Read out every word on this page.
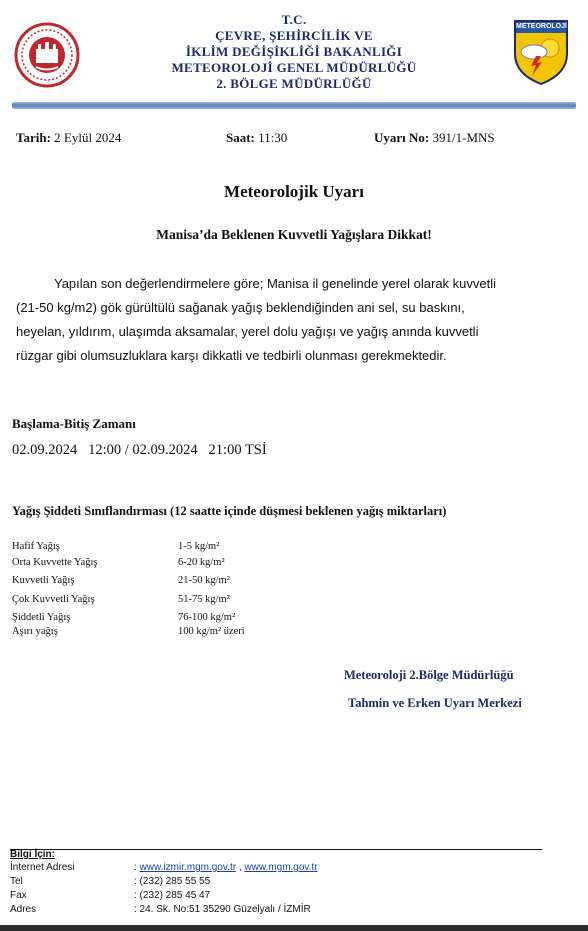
T.C.
ÇEVRE, ŞEHİRCİLİK VE
İKLİM DEĞİŞİKLİĞİ BAKANLIĞI
METEOROLOJİ GENEL MÜDÜRLÜĞÜ
2. BÖLGE MÜDÜRLÜĞÜ
METEOROLOJİ
Tarih: 2 Eylül 2024	Saat: 11:30	Uyarı No: 391/1-MNS
Meteorolojik Uyarı
Manisa’da Beklenen Kuvvetli Yağışlara Dikkat!
Yapılan son değerlendirmelere göre; Manisa il genelinde yerel olarak kuvvetli
(21-50 kg/m2) gök gürültülü sağanak yağış beklendiğinden ani sel, su baskını,
heyelan, yıldırım, ulaşımda aksamalar, yerel dolu yağışı ve yağış anında kuvvetli
rüzgar gibi olumsuzluklara karşı dikkatli ve tedbirli olunması gerekmektedir.
Başlama-Bitiş Zamanı
02.09.2024   12:00 / 02.09.2024   21:00 TSİ
Yağış Şiddeti Sınıflandırması (12 saatte içinde düşmesi beklenen yağış miktarları)
Hafif Yağış	1-5 kg/m²
Orta Kuvvette Yağış	6-20 kg/m²
Kuvvetli Yağış	21-50 kg/m²
Çok Kuvvetli Yağış	51-75 kg/m²
Şiddetli Yağış	76-100 kg/m²
Aşırı yağış	100 kg/m² üzeri
Meteoroloji 2.Bölge Müdürlüğü
Tahmin ve Erken Uyarı Merkezi
Bilgi İçin:
İnternet Adresi	: www.izmir.mgm.gov.tr , www.mgm.gov.tr
Tel	: (232) 285 55 55
Fax	: (232) 285 45 47
Adres	: 24. Sk. No:51 35290 Güzelyalı / İZMİR
